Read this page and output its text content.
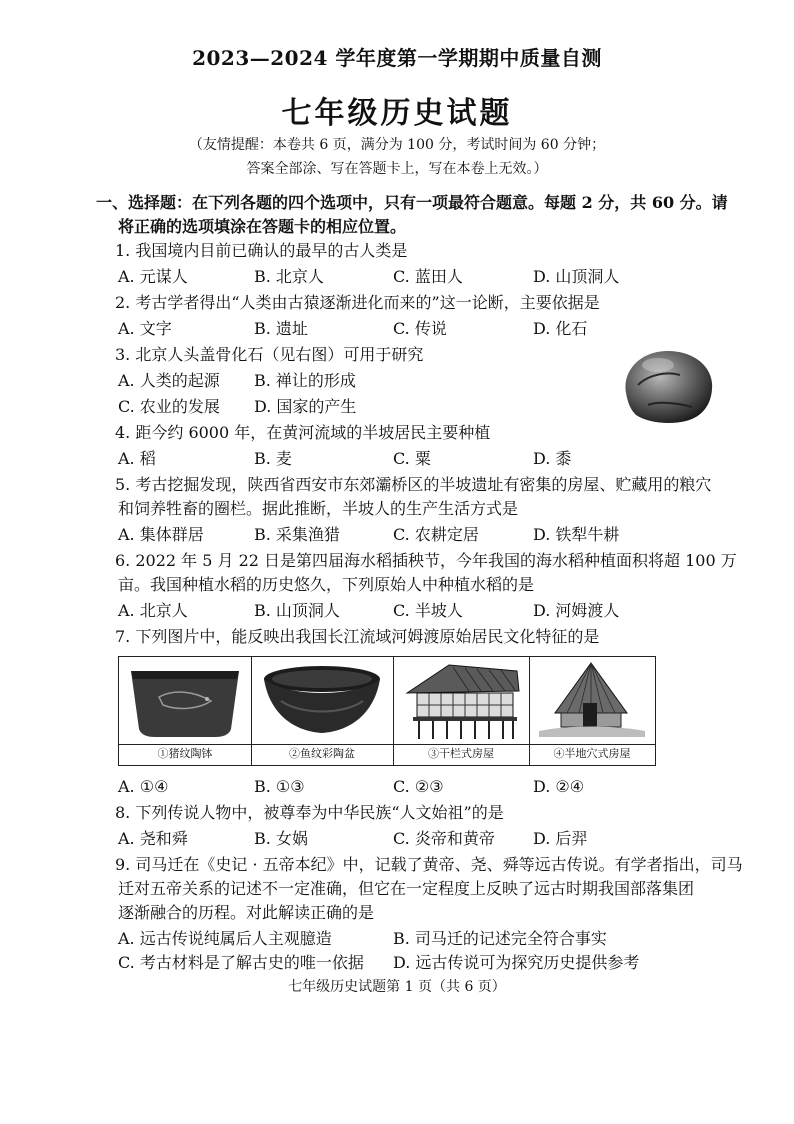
2023—2024 学年度第一学期期中质量自测
七年级历史试题
（友情提醒：本卷共 6 页，满分为 100 分，考试时间为 60 分钟；
答案全部涂、写在答题卡上，写在本卷上无效。）
一、选择题：在下列各题的四个选项中，只有一项最符合题意。每题 2 分，共 60 分。请
将正确的选项填涂在答题卡的相应位置。
1. 我国境内目前已确认的最早的古人类是
A. 元谋人	B. 北京人	C. 蓝田人	D. 山顶洞人
2. 考古学者得出“人类由古猿逐渐进化而来的”这一论断，主要依据是
A. 文字	B. 遗址	C. 传说	D. 化石
3. 北京人头盖骨化石（见右图）可用于研究
A. 人类的起源 B. 禅让的形成
C. 农业的发展 D. 国家的产生
4. 距今约 6000 年，在黄河流域的半坡居民主要种植
A. 稻	B. 麦	C. 粟	D. 黍
5. 考古挖掘发现，陕西省西安市东郊灞桥区的半坡遗址有密集的房屋、贮藏用的粮穴
和饲养牲畜的圈栏。据此推断，半坡人的生产生活方式是
A. 集体群居	B. 采集渔猎	C. 农耕定居	D. 铁犁牛耕
6. 2022 年 5 月 22 日是第四届海水稻插秧节，今年我国的海水稻种植面积将超 100 万
亩。我国种植水稻的历史悠久，下列原始人中种植水稻的是
A. 北京人	B. 山顶洞人	C. 半坡人	D. 河姆渡人
7. 下列图片中，能反映出我国长江流域河姆渡原始居民文化特征的是
①猪纹陶钵	②鱼纹彩陶盆	③干栏式房屋	④半地穴式房屋
A. ①④	B. ①③	C. ②③	D. ②④
8. 下列传说人物中，被尊奉为中华民族“人文始祖”的是
A. 尧和舜	B. 女娲	C. 炎帝和黄帝 D. 后羿
9. 司马迁在《史记 · 五帝本纪》中，记载了黄帝、尧、舜等远古传说。有学者指出，司马
迁对五帝关系的记述不一定准确，但它在一定程度上反映了远古时期我国部落集团
逐渐融合的历程。对此解读正确的是
A. 远古传说纯属后人主观臆造	B. 司马迁的记述完全符合事实
C. 考古材料是了解古史的唯一依据 D. 远古传说可为探究历史提供参考
七年级历史试题第 1 页（共 6 页）
